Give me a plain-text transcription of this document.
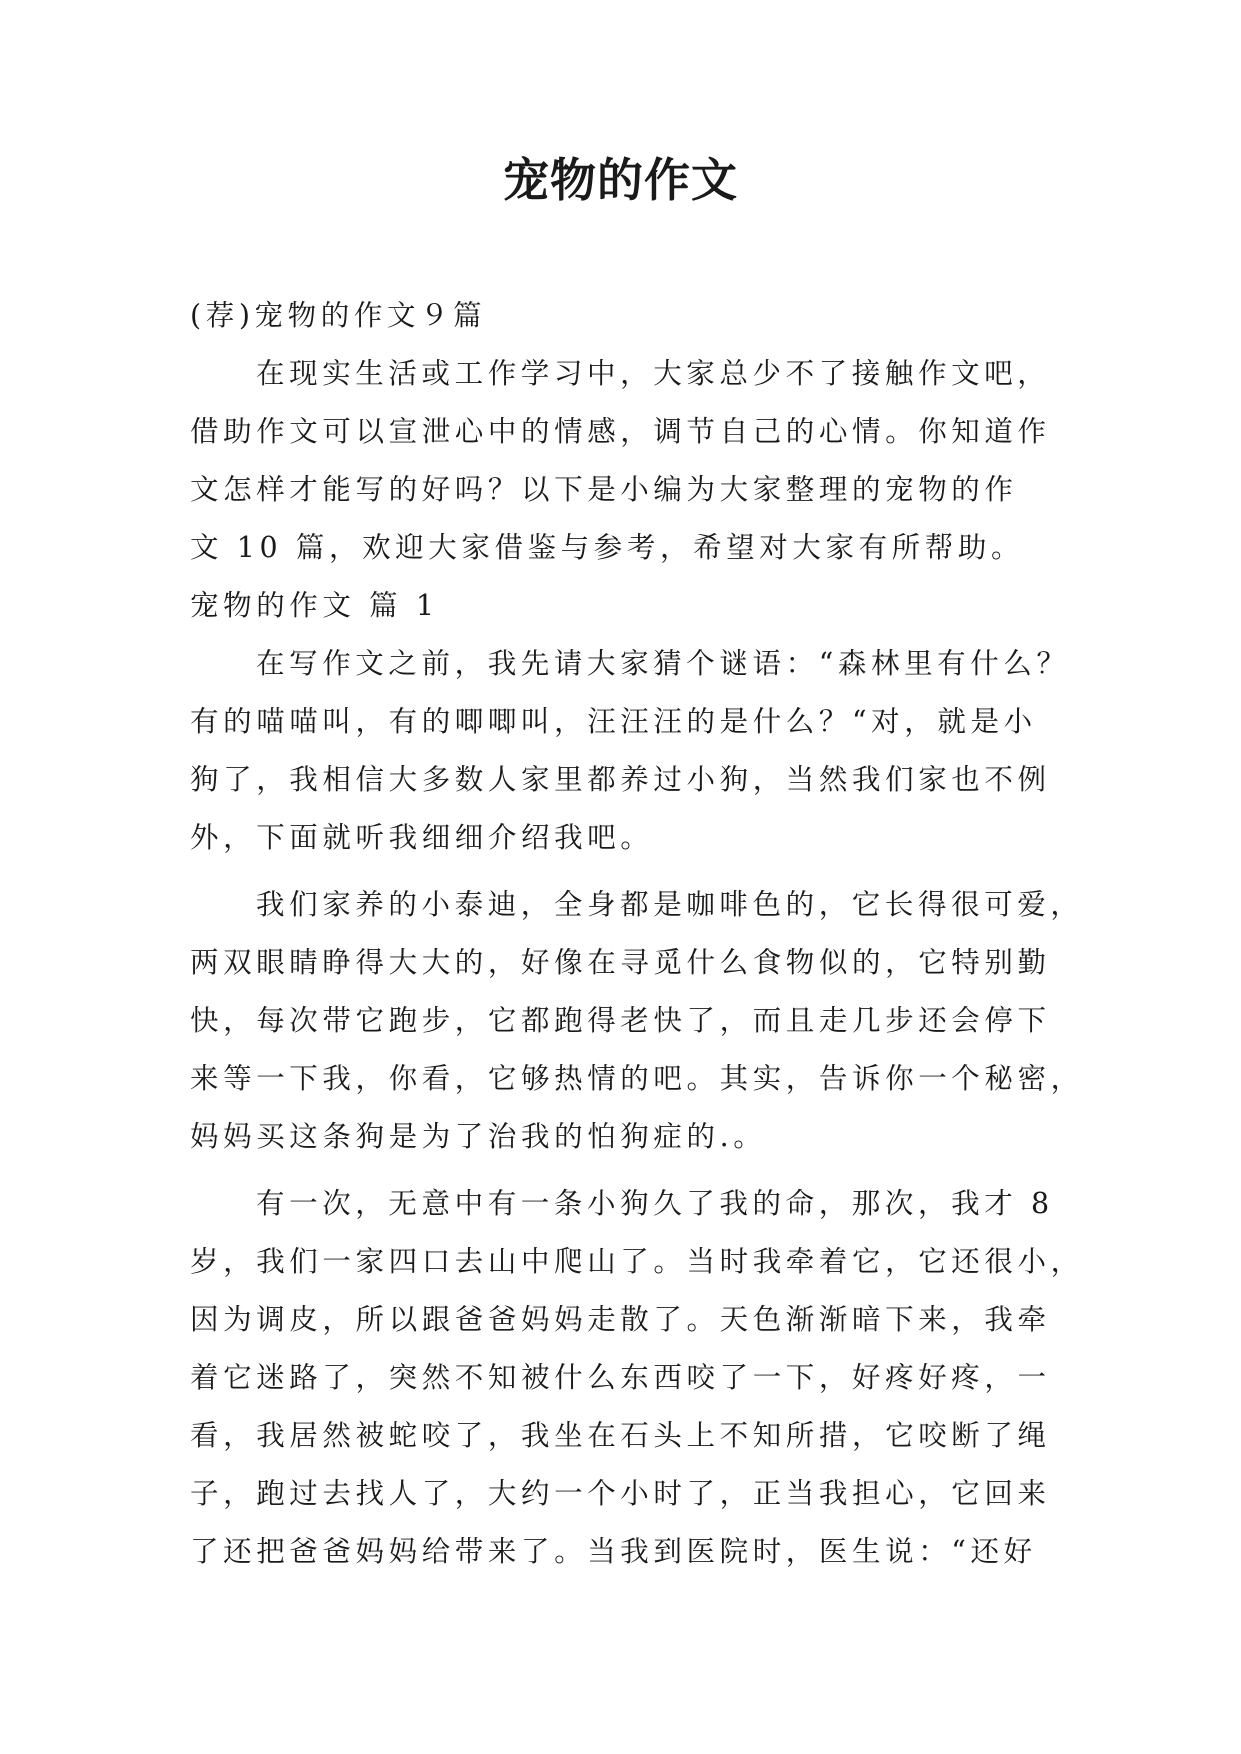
宠物的作文
(荐)宠物的作文９篇
在现实生活或工作学习中，大家总少不了接触作文吧，
借助作文可以宣泄心中的情感，调节自己的心情。你知道作
文怎样才能写的好吗？以下是小编为大家整理的宠物的作
文 10 篇，欢迎大家借鉴与参考，希望对大家有所帮助。
宠物的作文 篇 1
在写作文之前，我先请大家猜个谜语：“森林里有什么？
有的喵喵叫，有的唧唧叫，汪汪汪的是什么？“对，就是小
狗了，我相信大多数人家里都养过小狗，当然我们家也不例
外，下面就听我细细介绍我吧。
我们家养的小泰迪，全身都是咖啡色的，它长得很可爱，
两双眼睛睁得大大的，好像在寻觅什么食物似的，它特别勤
快，每次带它跑步，它都跑得老快了，而且走几步还会停下
来等一下我，你看，它够热情的吧。其实，告诉你一个秘密，
妈妈买这条狗是为了治我的怕狗症的.。
有一次，无意中有一条小狗久了我的命，那次，我才 8
岁，我们一家四口去山中爬山了。当时我牵着它，它还很小，
因为调皮，所以跟爸爸妈妈走散了。天色渐渐暗下来，我牵
着它迷路了，突然不知被什么东西咬了一下，好疼好疼，一
看，我居然被蛇咬了，我坐在石头上不知所措，它咬断了绳
子，跑过去找人了，大约一个小时了，正当我担心，它回来
了还把爸爸妈妈给带来了。当我到医院时，医生说：“还好
